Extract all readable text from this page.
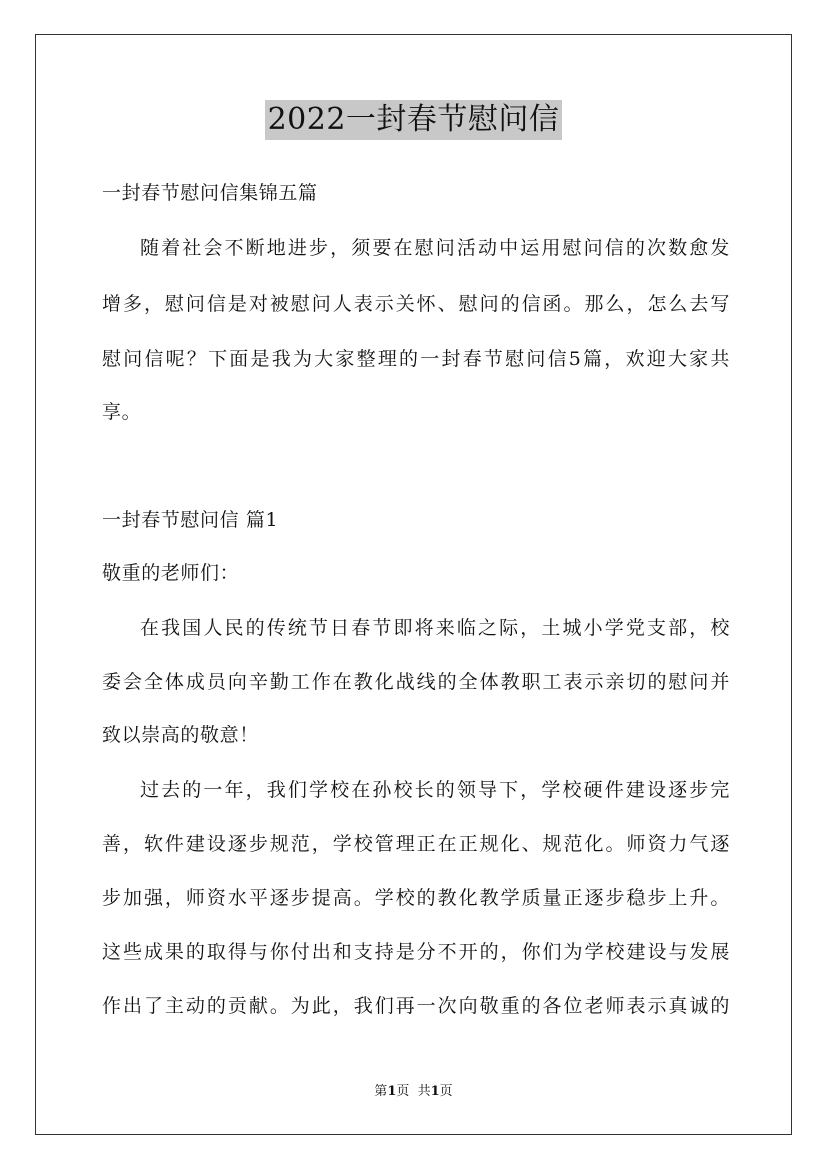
2022一封春节慰问信
一封春节慰问信集锦五篇
随着社会不断地进步，须要在慰问活动中运用慰问信的次数愈发
增多，慰问信是对被慰问人表示关怀、慰问的信函。那么，怎么去写
慰问信呢？下面是我为大家整理的一封春节慰问信5篇，欢迎大家共
享。
一封春节慰问信 篇1
敬重的老师们：
在我国人民的传统节日春节即将来临之际，土城小学党支部，校
委会全体成员向辛勤工作在教化战线的全体教职工表示亲切的慰问并
致以崇高的敬意！
过去的一年，我们学校在孙校长的领导下，学校硬件建设逐步完
善，软件建设逐步规范，学校管理正在正规化、规范化。师资力气逐
步加强，师资水平逐步提高。学校的教化教学质量正逐步稳步上升。
这些成果的取得与你付出和支持是分不开的，你们为学校建设与发展
作出了主动的贡献。为此，我们再一次向敬重的各位老师表示真诚的
第1页  共1页
